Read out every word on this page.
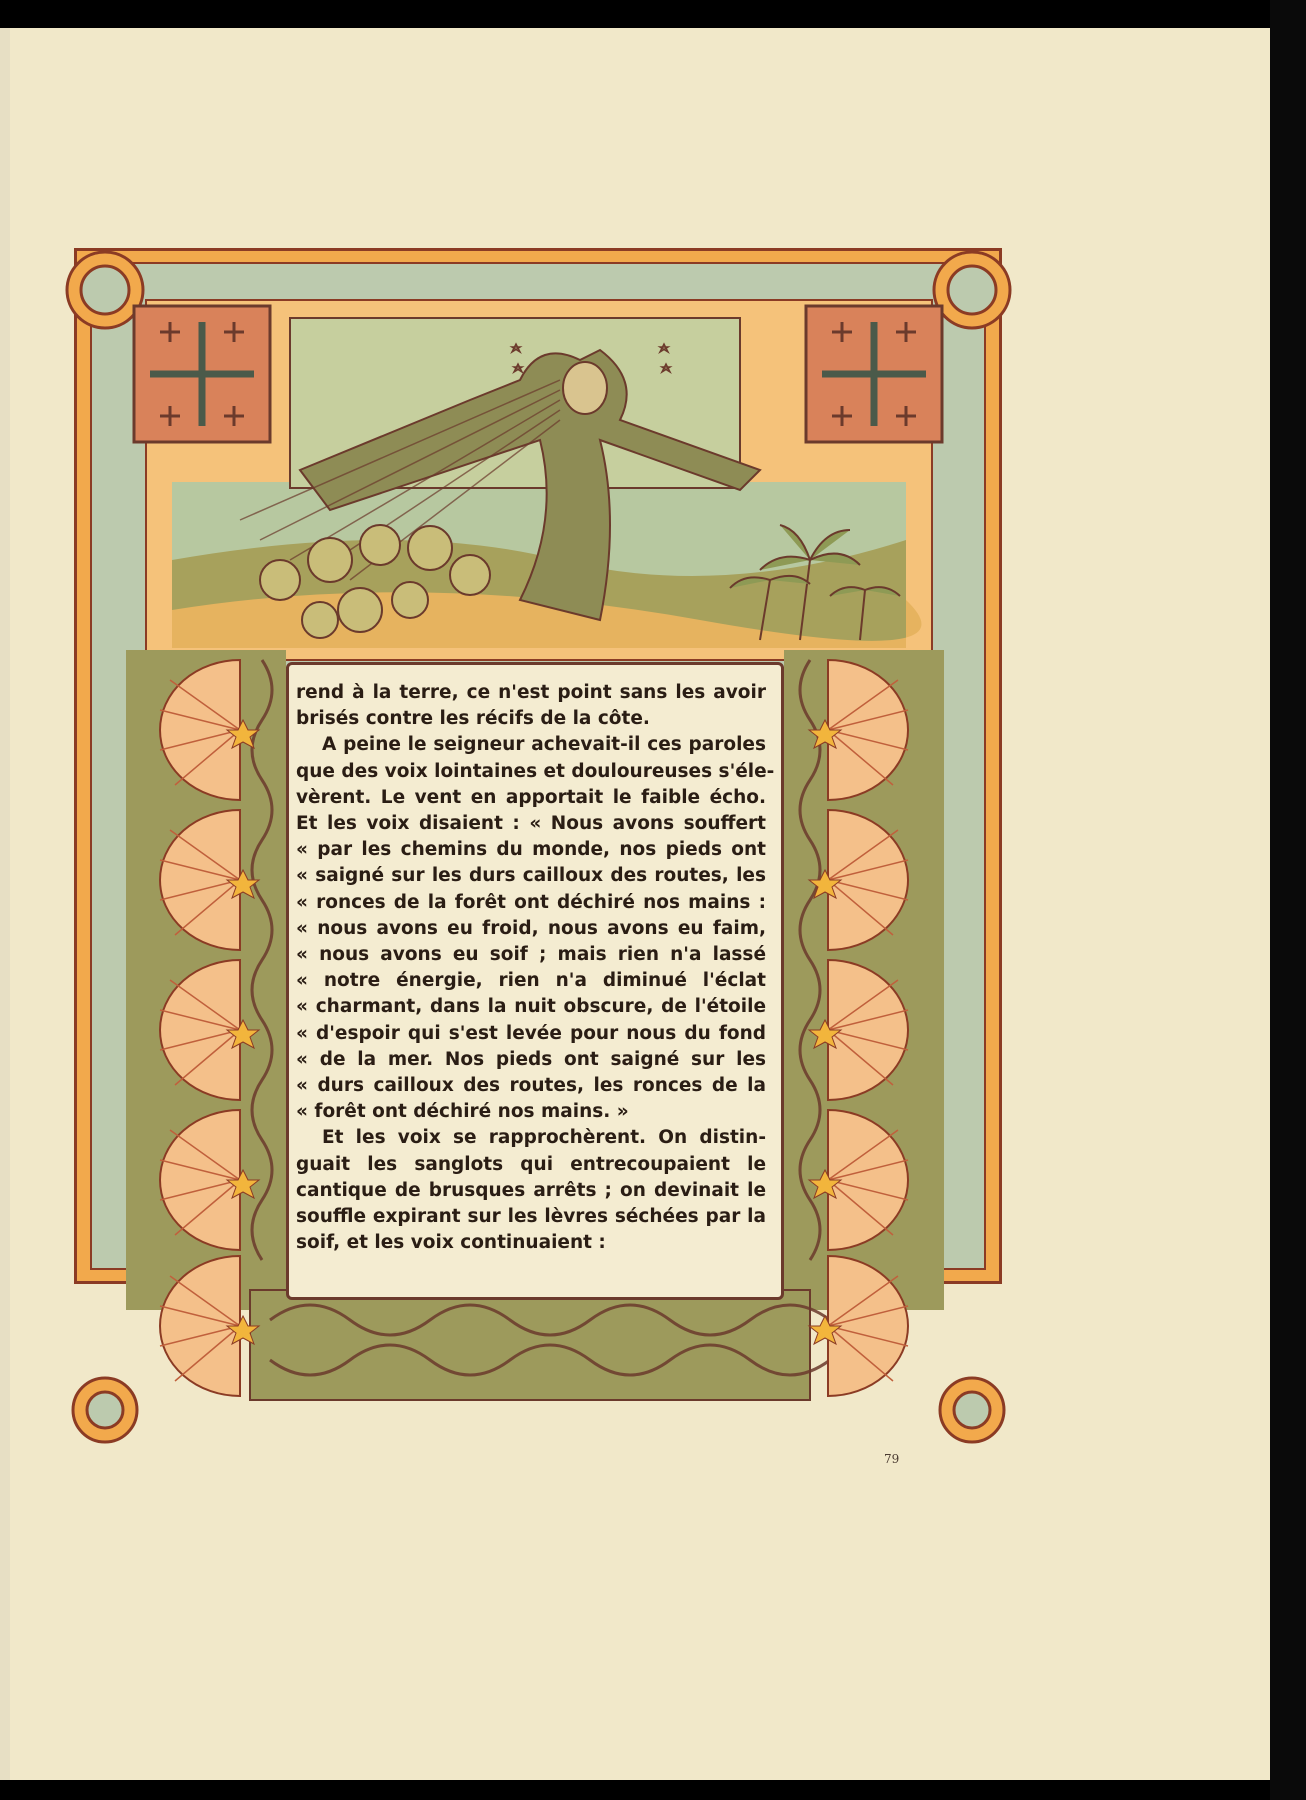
rend à la terre, ce n'est point sans les avoir
brisés contre les récifs de la côte.
A peine le seigneur achevait-il ces paroles
que des voix lointaines et douloureuses s'éle-
vèrent. Le vent en apportait le faible écho.
Et les voix disaient : « Nous avons souffert
« par les chemins du monde, nos pieds ont
« saigné sur les durs cailloux des routes, les
« ronces de la forêt ont déchiré nos mains :
« nous avons eu froid, nous avons eu faim,
« nous avons eu soif ; mais rien n'a lassé
« notre énergie, rien n'a diminué l'éclat
« charmant, dans la nuit obscure, de l'étoile
« d'espoir qui s'est levée pour nous du fond
« de la mer. Nos pieds ont saigné sur les
« durs cailloux des routes, les ronces de la
« forêt ont déchiré nos mains. »
Et les voix se rapprochèrent. On distin-
guait les sanglots qui entrecoupaient le
cantique de brusques arrêts ; on devinait le
souffle expirant sur les lèvres séchées par la
soif, et les voix continuaient :
79
